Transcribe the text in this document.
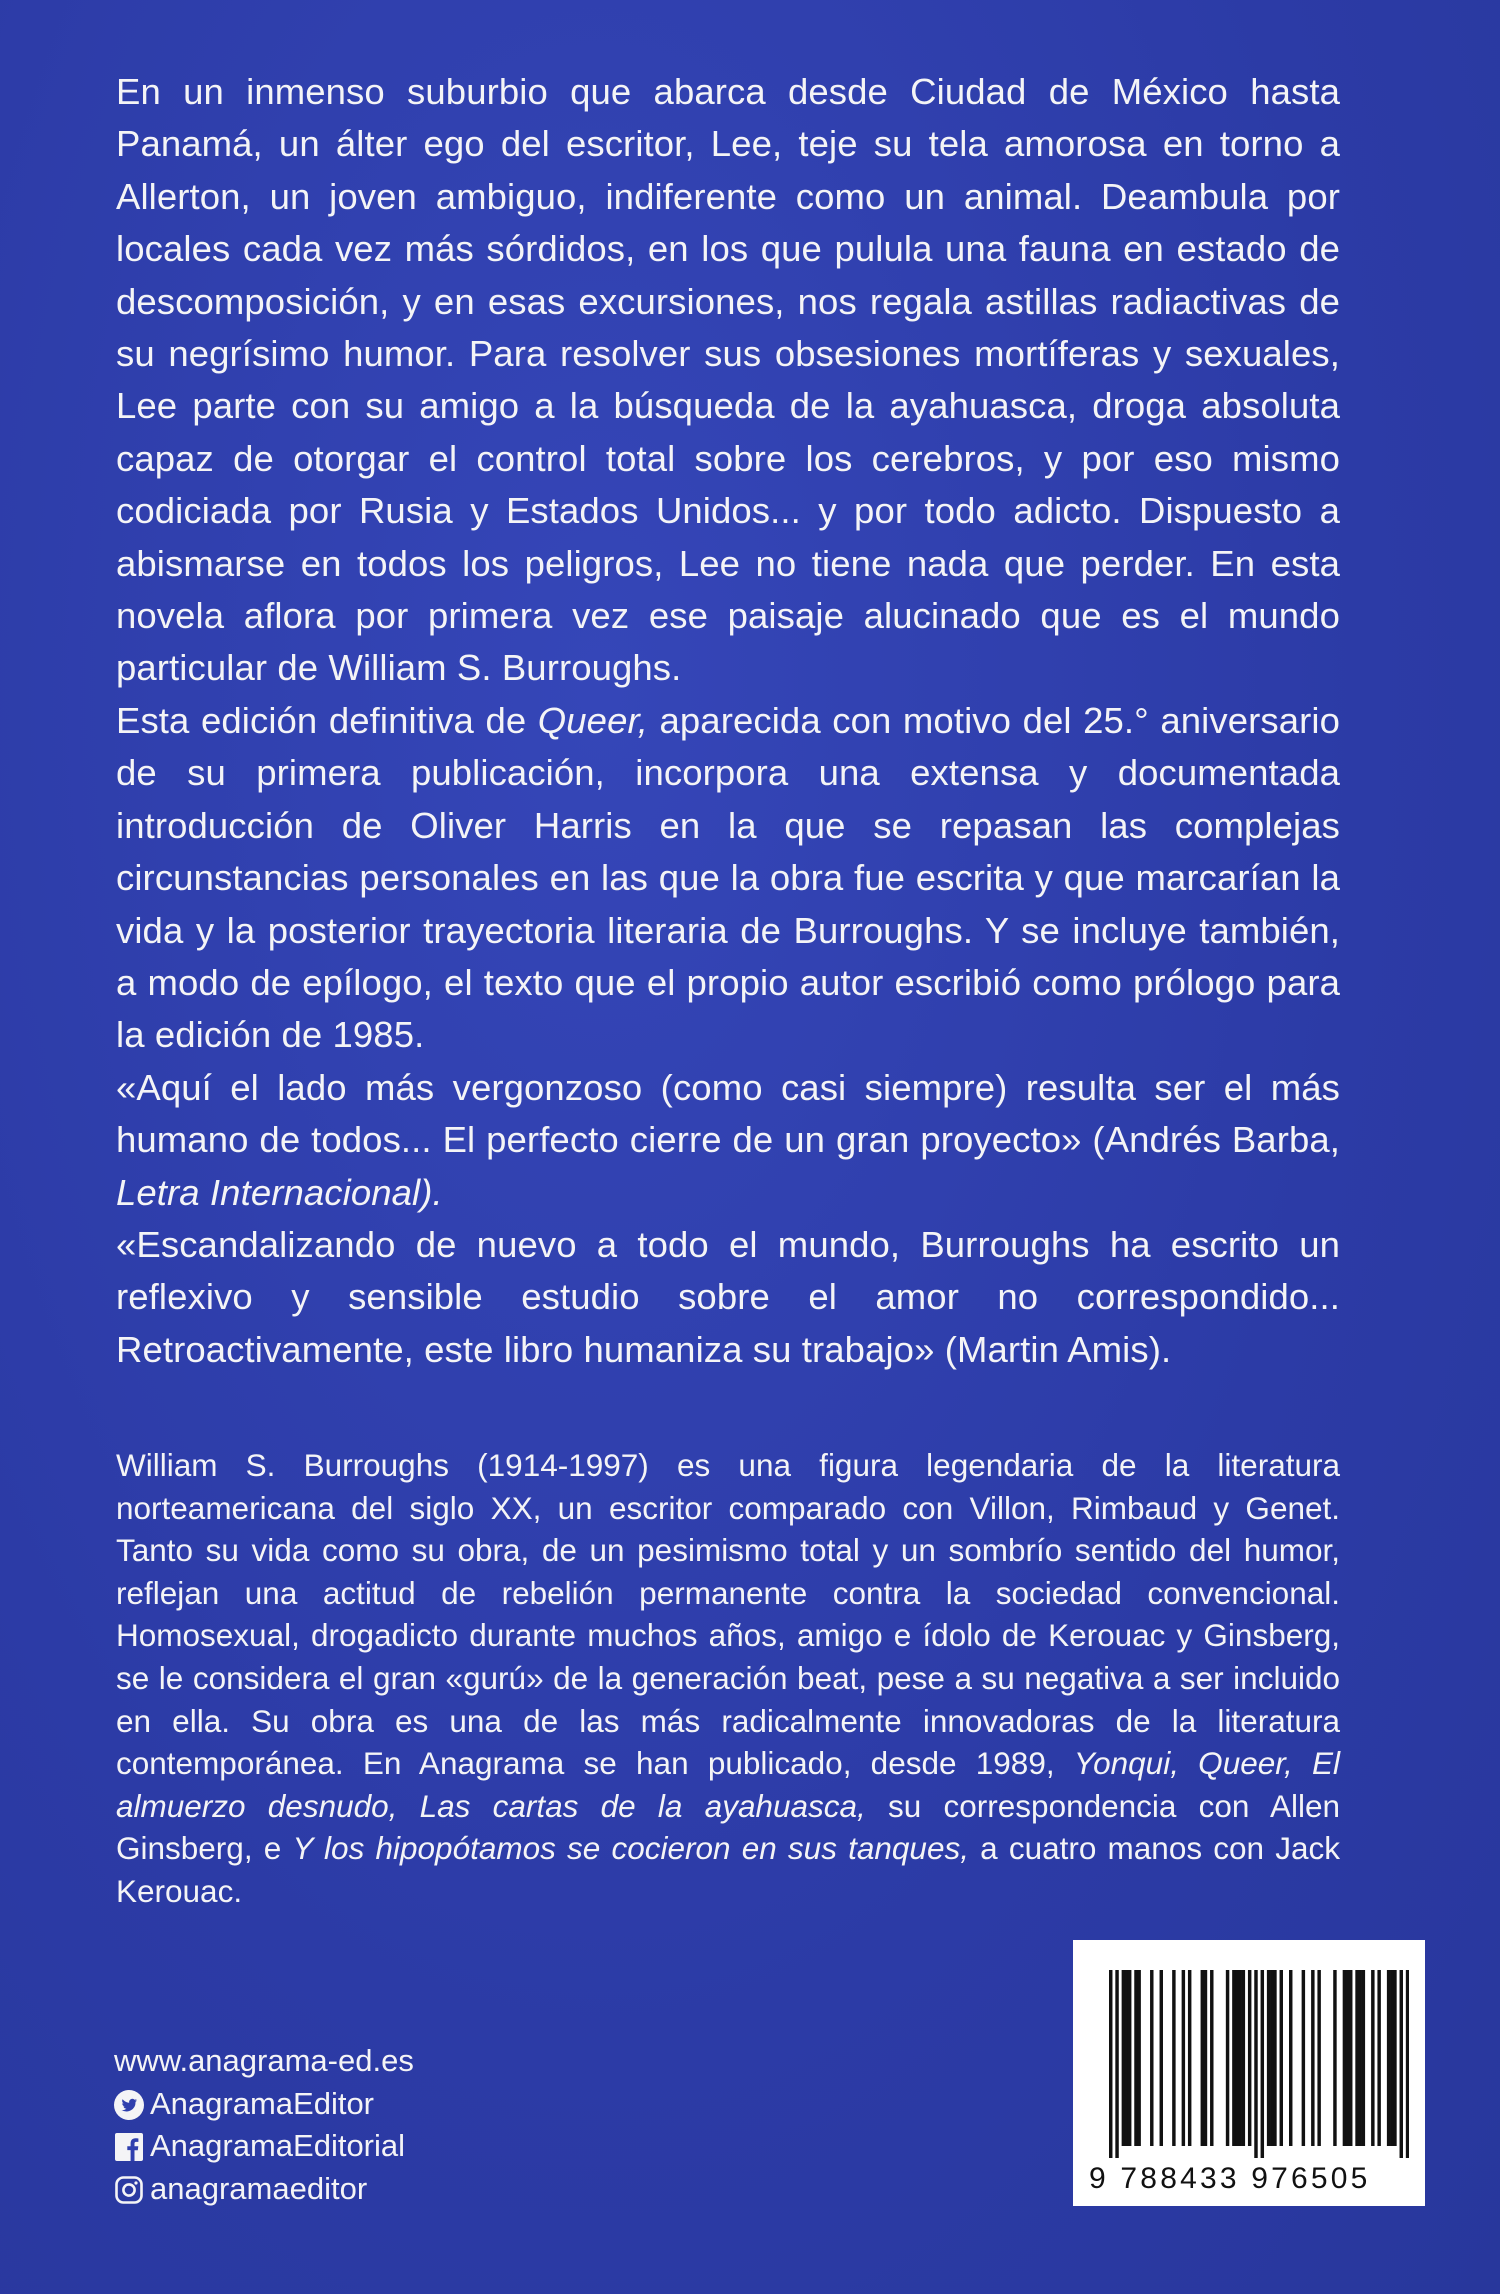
En un inmenso suburbio que abarca desde Ciudad de México hasta Panamá, un álter ego del escritor, Lee, teje su tela amorosa en torno a Allerton, un joven ambiguo, indiferente como un animal. Deambula por locales cada vez más sórdidos, en los que pulula una fauna en estado de descomposición, y en esas excursiones, nos regala astillas radiactivas de su negrísimo humor. Para resolver sus obsesiones mortíferas y sexuales, Lee parte con su amigo a la búsqueda de la ayahuasca, droga absoluta capaz de otorgar el control total sobre los cerebros, y por eso mismo codiciada por Rusia y Estados Unidos... y por todo adicto. Dispuesto a abismarse en todos los peligros, Lee no tiene nada que perder. En esta novela aflora por primera vez ese paisaje alucinado que es el mundo particular de William S. Burroughs.

Esta edición definitiva de Queer, aparecida con motivo del 25.° aniversario de su primera publicación, incorpora una extensa y documentada introducción de Oliver Harris en la que se repasan las complejas circunstancias personales en las que la obra fue escrita y que marcarían la vida y la posterior trayectoria literaria de Burroughs. Y se incluye también, a modo de epílogo, el texto que el propio autor escribió como prólogo para la edición de 1985.

«Aquí el lado más vergonzoso (como casi siempre) resulta ser el más humano de todos... El perfecto cierre de un gran proyecto» (Andrés Barba, Letra Internacional).

«Escandalizando de nuevo a todo el mundo, Burroughs ha escrito un reflexivo y sensible estudio sobre el amor no correspondido... Retroactivamente, este libro humaniza su trabajo» (Martin Amis).

William S. Burroughs (1914-1997) es una figura legendaria de la literatura norteamericana del siglo XX, un escritor comparado con Villon, Rimbaud y Genet. Tanto su vida como su obra, de un pesimismo total y un sombrío sentido del humor, reflejan una actitud de rebelión permanente contra la sociedad convencional. Homosexual, drogadicto durante muchos años, amigo e ídolo de Kerouac y Ginsberg, se le considera el gran «gurú» de la generación beat, pese a su negativa a ser incluido en ella. Su obra es una de las más radicalmente innovadoras de la literatura contemporánea. En Anagrama se han publicado, desde 1989, Yonqui, Queer, El almuerzo desnudo, Las cartas de la ayahuasca, su correspondencia con Allen Ginsberg, e Y los hipopótamos se cocieron en sus tanques, a cuatro manos con Jack Kerouac.

www.anagrama-ed.es
AnagramaEditor
AnagramaEditorial
anagramaeditor	9 788433 976505
